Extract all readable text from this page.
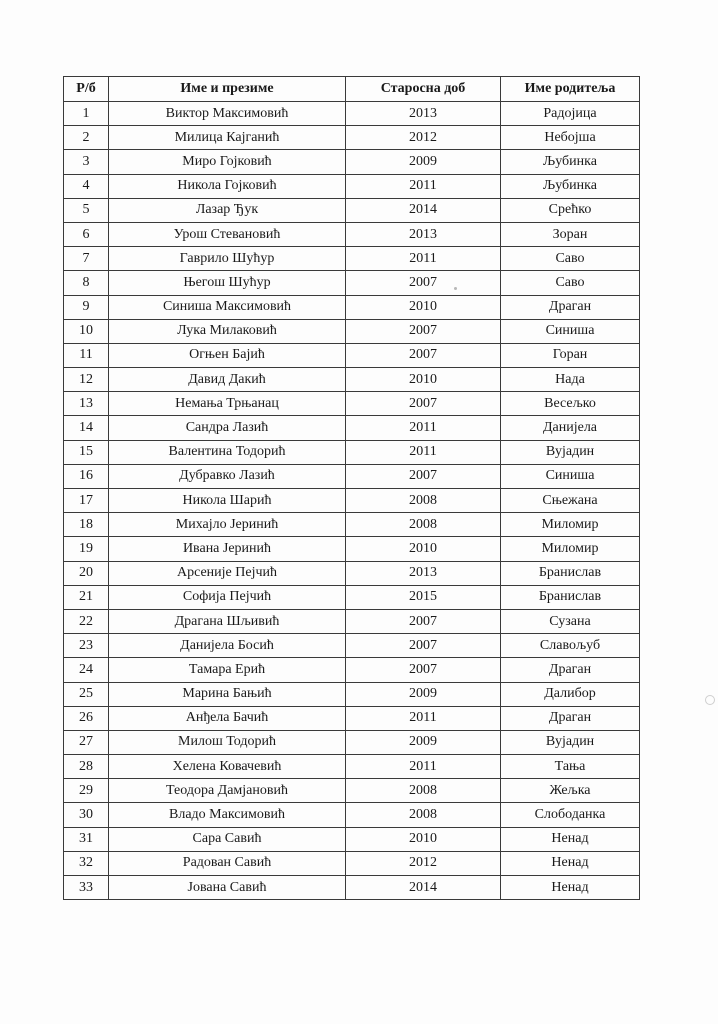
Р/б	Име и презиме	Старосна доб	Име родитеља
1	Виктор Максимовић	2013	Радојица
2	Милица Кајганић	2012	Небојша
3	Миро Гојковић	2009	Љубинка
4	Никола Гојковић	2011	Љубинка
5	Лазар Ђук	2014	Срећко
6	Урош Стевановић	2013	Зоран
7	Гаврило Шућур	2011	Саво
8	Његош Шућур	2007	Саво
9	Синиша Максимовић	2010	Драган
10	Лука Милаковић	2007	Синиша
11	Огњен Бајић	2007	Горан
12	Давид Дакић	2010	Нада
13	Немања Трњанац	2007	Весељко
14	Сандра Лазић	2011	Данијела
15	Валентина Тодорић	2011	Вујадин
16	Дубравко Лазић	2007	Синиша
17	Никола Шарић	2008	Сњежана
18	Михајло Јеринић	2008	Миломир
19	Ивана Јеринић	2010	Миломир
20	Арсеније Пејчић	2013	Бранислав
21	Софија Пејчић	2015	Бранислав
22	Драгана Шљивић	2007	Сузана
23	Данијела Босић	2007	Славољуб
24	Тамара Ерић	2007	Драган
25	Марина Бањић	2009	Далибор
26	Анђела Бачић	2011	Драган
27	Милош Тодорић	2009	Вујадин
28	Хелена Ковачевић	2011	Тања
29	Теодора Дамјановић	2008	Жељка
30	Владо Максимовић	2008	Слободанка
31	Сара Савић	2010	Ненад
32	Радован Савић	2012	Ненад
33	Јована Савић	2014	Ненад
